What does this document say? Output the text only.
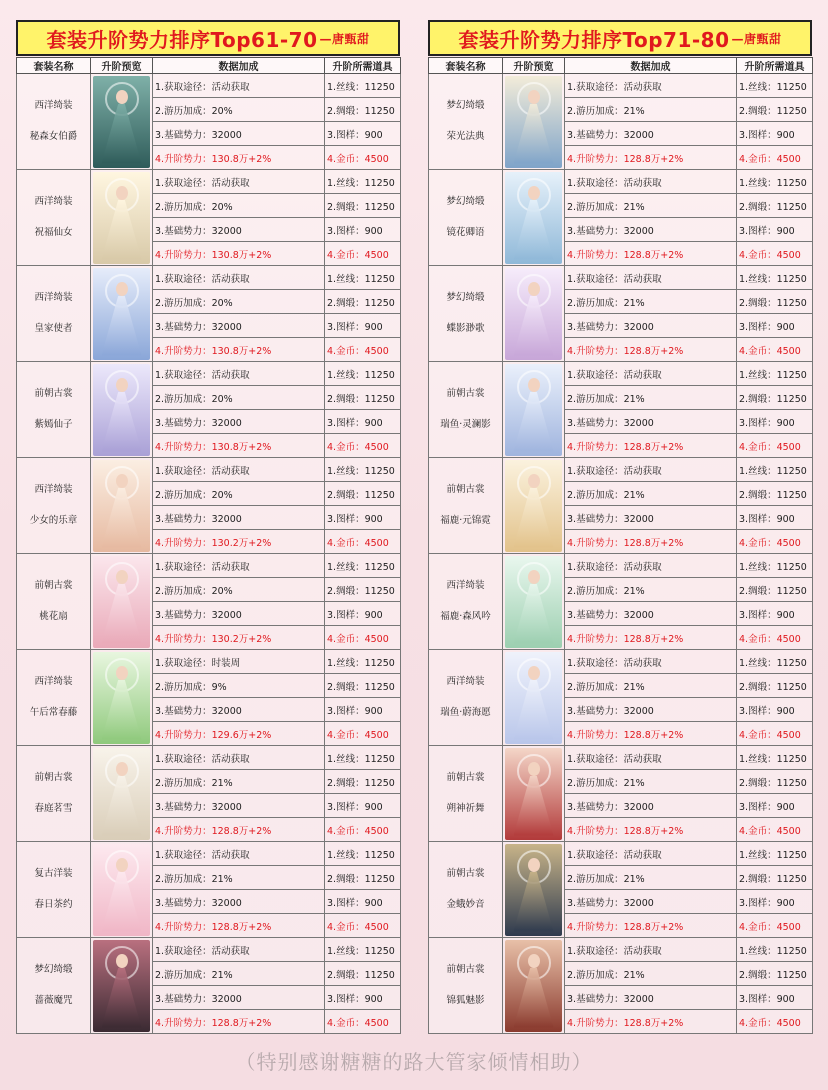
套装升阶势力排序Top61-70 —唐甄甜
套装名称	升阶预览	数据加成	升阶所需道具

西洋绮装
秘森女伯爵		1.获取途径：活动获取	1.丝线：11250
		2.游历加成：20%	2.绸缎：11250
		3.基础势力：32000	3.图样：900
		4.升阶势力：130.8万+2%	4.金币：4500

西洋绮装
祝福仙女		1.获取途径：活动获取	1.丝线：11250
		2.游历加成：20%	2.绸缎：11250
		3.基础势力：32000	3.图样：900
		4.升阶势力：130.8万+2%	4.金币：4500

西洋绮装
皇家使者		1.获取途径：活动获取	1.丝线：11250
		2.游历加成：20%	2.绸缎：11250
		3.基础势力：32000	3.图样：900
		4.升阶势力：130.8万+2%	4.金币：4500

前朝古裳
紫嫣仙子		1.获取途径：活动获取	1.丝线：11250
		2.游历加成：20%	2.绸缎：11250
		3.基础势力：32000	3.图样：900
		4.升阶势力：130.8万+2%	4.金币：4500

西洋绮装
少女的乐章		1.获取途径：活动获取	1.丝线：11250
		2.游历加成：20%	2.绸缎：11250
		3.基础势力：32000	3.图样：900
		4.升阶势力：130.2万+2%	4.金币：4500

前朝古裳
桃花扇		1.获取途径：活动获取	1.丝线：11250
		2.游历加成：20%	2.绸缎：11250
		3.基础势力：32000	3.图样：900
		4.升阶势力：130.2万+2%	4.金币：4500

西洋绮装
午后常春藤		1.获取途径：时装周	1.丝线：11250
		2.游历加成：9%	2.绸缎：11250
		3.基础势力：32000	3.图样：900
		4.升阶势力：129.6万+2%	4.金币：4500

前朝古裳
春庭茗雪		1.获取途径：活动获取	1.丝线：11250
		2.游历加成：21%	2.绸缎：11250
		3.基础势力：32000	3.图样：900
		4.升阶势力：128.8万+2%	4.金币：4500

复古洋装
春日茶约		1.获取途径：活动获取	1.丝线：11250
		2.游历加成：21%	2.绸缎：11250
		3.基础势力：32000	3.图样：900
		4.升阶势力：128.8万+2%	4.金币：4500

梦幻绮缎
蔷薇魔咒		1.获取途径：活动获取	1.丝线：11250
		2.游历加成：21%	2.绸缎：11250
		3.基础势力：32000	3.图样：900
		4.升阶势力：128.8万+2%	4.金币：4500
套装升阶势力排序Top71-80 —唐甄甜
套装名称	升阶预览	数据加成	升阶所需道具

梦幻绮缎
荣光法典		1.获取途径：活动获取	1.丝线：11250
		2.游历加成：21%	2.绸缎：11250
		3.基础势力：32000	3.图样：900
		4.升阶势力：128.8万+2%	4.金币：4500

梦幻绮缎
镜花卿语		1.获取途径：活动获取	1.丝线：11250
		2.游历加成：21%	2.绸缎：11250
		3.基础势力：32000	3.图样：900
		4.升阶势力：128.8万+2%	4.金币：4500

梦幻绮缎
蝶影渺歌		1.获取途径：活动获取	1.丝线：11250
		2.游历加成：21%	2.绸缎：11250
		3.基础势力：32000	3.图样：900
		4.升阶势力：128.8万+2%	4.金币：4500

前朝古裳
瑞鱼·灵澜影		1.获取途径：活动获取	1.丝线：11250
		2.游历加成：21%	2.绸缎：11250
		3.基础势力：32000	3.图样：900
		4.升阶势力：128.8万+2%	4.金币：4500

前朝古裳
福鹿·元锦霓		1.获取途径：活动获取	1.丝线：11250
		2.游历加成：21%	2.绸缎：11250
		3.基础势力：32000	3.图样：900
		4.升阶势力：128.8万+2%	4.金币：4500

西洋绮装
福鹿·森风吟		1.获取途径：活动获取	1.丝线：11250
		2.游历加成：21%	2.绸缎：11250
		3.基础势力：32000	3.图样：900
		4.升阶势力：128.8万+2%	4.金币：4500

西洋绮装
瑞鱼·蔚海愿		1.获取途径：活动获取	1.丝线：11250
		2.游历加成：21%	2.绸缎：11250
		3.基础势力：32000	3.图样：900
		4.升阶势力：128.8万+2%	4.金币：4500

前朝古裳
朔神祈舞		1.获取途径：活动获取	1.丝线：11250
		2.游历加成：21%	2.绸缎：11250
		3.基础势力：32000	3.图样：900
		4.升阶势力：128.8万+2%	4.金币：4500

前朝古裳
金蛾妙音		1.获取途径：活动获取	1.丝线：11250
		2.游历加成：21%	2.绸缎：11250
		3.基础势力：32000	3.图样：900
		4.升阶势力：128.8万+2%	4.金币：4500

前朝古裳
锦狐魅影		1.获取途径：活动获取	1.丝线：11250
		2.游历加成：21%	2.绸缎：11250
		3.基础势力：32000	3.图样：900
		4.升阶势力：128.8万+2%	4.金币：4500
（特别感谢糖糖的路大管家倾情相助）
